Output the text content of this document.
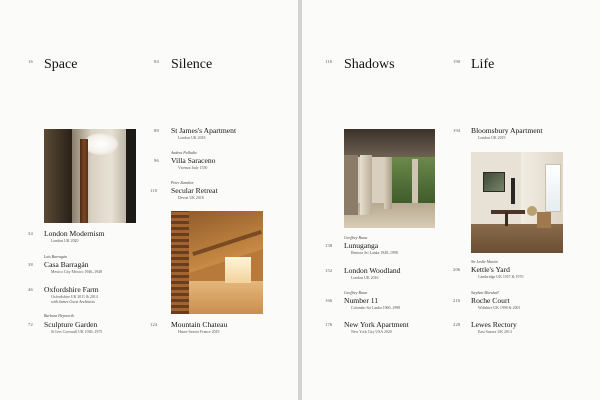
16 Space
34 London Modernism
London UK 2020
Luis Barragán
38 Casa Barragán
Mexico City Mexico 1946–1948
46 Oxfordshire Farm
Oxfordshire UK 2011 & 2014
with James Gorst Architects
Barbara Hepworth
72 Sculpture Garden
St Ives Cornwall UK 1949–1975
84 Silence
88 St James's Apartment
London UK 2018
Andrea Palladio
96 Villa Saraceno
Vicenza Italy 1550
Peter Zumthor
110 Secular Retreat
Devon UK 2018
124 Mountain Chateau
Haute-Savoie France 2019
116 Shadows
Geoffrey Bawa
138 Lunuganga
Bentota Sri Lanka 1948–1998
152 London Woodland
London UK 2016
Geoffrey Bawa
166 Number 11
Colombo Sri Lanka 1960–1998
176 New York Apartment
New York City USA 2020
190 Life
194 Bloomsbury Apartment
London UK 2019
Sir Leslie Martin
206 Kettle's Yard
Cambridge UK 1957 & 1970
Stephen Marshall
216 Roche Court
Wiltshire UK 1998 & 2001
228 Lewes Rectory
East Sussex UK 2013
